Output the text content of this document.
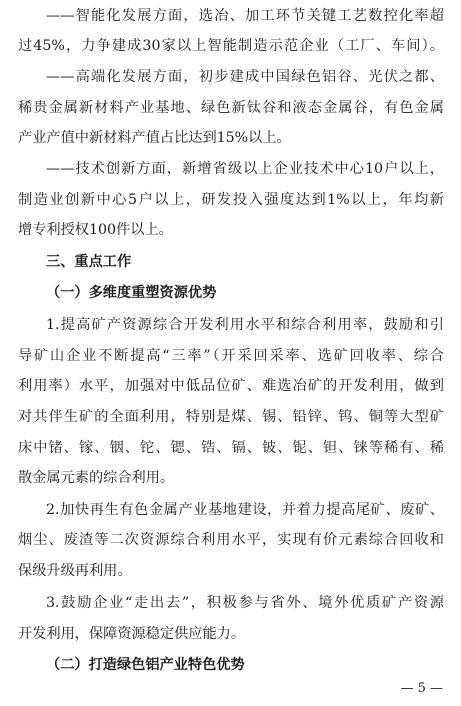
——智能化发展方面，选冶、加工环节关键工艺数控化率超
过45%，力争建成30家以上智能制造示范企业（工厂、车间）。
——高端化发展方面，初步建成中国绿色铝谷、光伏之都、
稀贵金属新材料产业基地、绿色新钛谷和液态金属谷，有色金属
产业产值中新材料产值占比达到15%以上。
——技术创新方面，新增省级以上企业技术中心10户以上，
制造业创新中心5户以上，研发投入强度达到1%以上，年均新
增专利授权100件以上。
三、重点工作
（一）多维度重塑资源优势
1.提高矿产资源综合开发利用水平和综合利用率，鼓励和引
导矿山企业不断提高“三率”（开采回采率、选矿回收率、综合
利用率）水平，加强对中低品位矿、难选冶矿的开发利用，做到
对共伴生矿的全面利用，特别是煤、锡、铅锌、钨、铜等大型矿
床中锗、镓、铟、铊、锶、锆、镉、铍、铌、钽、铼等稀有、稀
散金属元素的综合利用。
2.加快再生有色金属产业基地建设，并着力提高尾矿、废矿、
烟尘、废渣等二次资源综合利用水平，实现有价元素综合回收和
保级升级再利用。
3.鼓励企业“走出去”，积极参与省外、境外优质矿产资源
开发利用，保障资源稳定供应能力。
（二）打造绿色铝产业特色优势
— 5 —
